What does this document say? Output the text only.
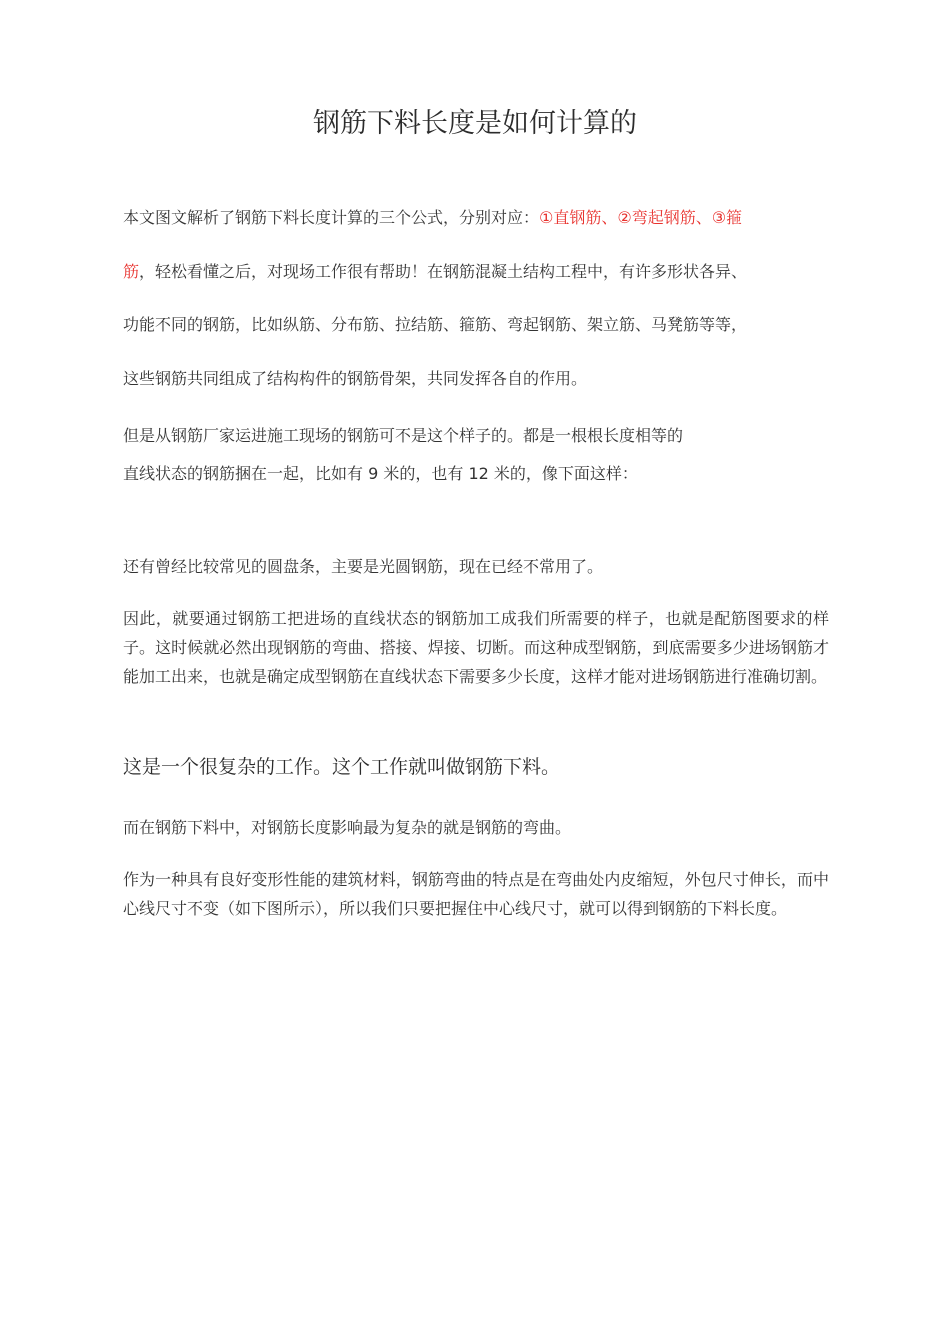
钢筋下料长度是如何计算的

本文图文解析了钢筋下料长度计算的三个公式，分别对应：①直钢筋、②弯起钢筋、③箍

筋，轻松看懂之后，对现场工作很有帮助！在钢筋混凝土结构工程中，有许多形状各异、

功能不同的钢筋，比如纵筋、分布筋、拉结筋、箍筋、弯起钢筋、架立筋、马凳筋等等，

这些钢筋共同组成了结构构件的钢筋骨架，共同发挥各自的作用。

但是从钢筋厂家运进施工现场的钢筋可不是这个样子的。都是一根根长度相等的

直线状态的钢筋捆在一起，比如有 9 米的，也有 12 米的，像下面这样：

还有曾经比较常见的圆盘条，主要是光圆钢筋，现在已经不常用了。

因此，就要通过钢筋工把进场的直线状态的钢筋加工成我们所需要的样子，也就是配筋图要求的样子。这时候就必然出现钢筋的弯曲、搭接、焊接、切断。而这种成型钢筋，到底需要多少进场钢筋才能加工出来，也就是确定成型钢筋在直线状态下需要多少长度，这样才能对进场钢筋进行准确切割。

这是一个很复杂的工作。这个工作就叫做钢筋下料。

而在钢筋下料中，对钢筋长度影响最为复杂的就是钢筋的弯曲。

作为一种具有良好变形性能的建筑材料，钢筋弯曲的特点是在弯曲处内皮缩短，外包尺寸伸长，而中心线尺寸不变（如下图所示），所以我们只要把握住中心线尺寸，就可以得到钢筋的下料长度。
